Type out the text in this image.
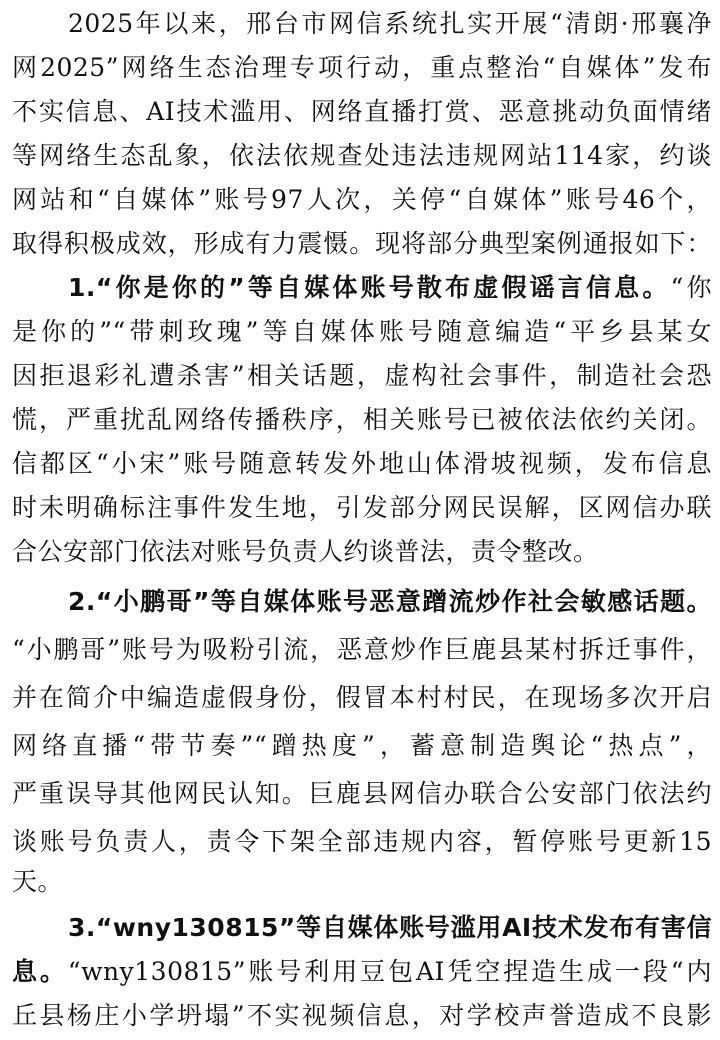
2025年以来，邢台市网信系统扎实开展“清朗·邢襄净
网2025”网络生态治理专项行动，重点整治“自媒体”发布
不实信息、AI技术滥用、网络直播打赏、恶意挑动负面情绪
等网络生态乱象，依法依规查处违法违规网站114家，约谈
网站和“自媒体”账号97人次，关停“自媒体”账号46个，
取得积极成效，形成有力震慑。现将部分典型案例通报如下：
1.“你是你的”等自媒体账号散布虚假谣言信息。“你
是你的”“带刺玫瑰”等自媒体账号随意编造“平乡县某女
因拒退彩礼遭杀害”相关话题，虚构社会事件，制造社会恐
慌，严重扰乱网络传播秩序，相关账号已被依法依约关闭。
信都区“小宋”账号随意转发外地山体滑坡视频，发布信息
时未明确标注事件发生地，引发部分网民误解，区网信办联
合公安部门依法对账号负责人约谈普法，责令整改。
2.“小鹏哥”等自媒体账号恶意蹭流炒作社会敏感话题。
“小鹏哥”账号为吸粉引流，恶意炒作巨鹿县某村拆迁事件，
并在简介中编造虚假身份，假冒本村村民，在现场多次开启
网络直播“带节奏”“蹭热度”，蓄意制造舆论“热点”，
严重误导其他网民认知。巨鹿县网信办联合公安部门依法约
谈账号负责人，责令下架全部违规内容，暂停账号更新15
天。
3.“wny130815”等自媒体账号滥用AI技术发布有害信
息。“wny130815”账号利用豆包AI凭空捏造生成一段“内
丘县杨庄小学坍塌”不实视频信息，对学校声誉造成不良影
